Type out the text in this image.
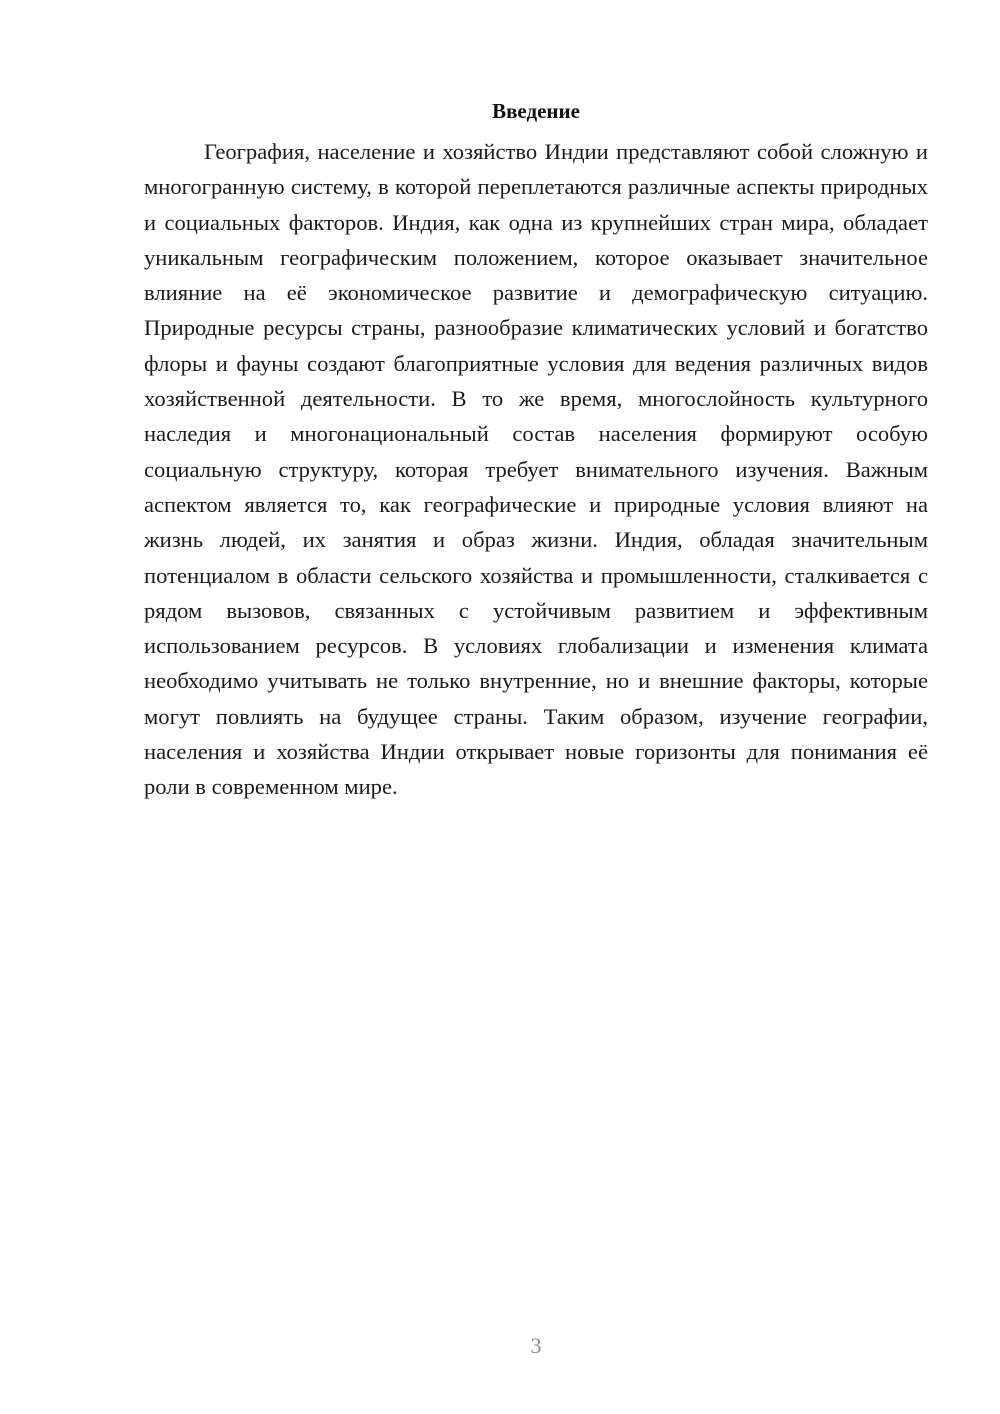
Введение

География, население и хозяйство Индии представляют собой сложную и многогранную систему, в которой переплетаются различные аспекты природных и социальных факторов. Индия, как одна из крупнейших стран мира, обладает уникальным географическим положением, которое оказывает значительное влияние на её экономическое развитие и демографическую ситуацию. Природные ресурсы страны, разнообразие климатических условий и богатство флоры и фауны создают благоприятные условия для ведения различных видов хозяйственной деятельности. В то же время, многослойность культурного наследия и многонациональный состав населения формируют особую социальную структуру, которая требует внимательного изучения. Важным аспектом является то, как географические и природные условия влияют на жизнь людей, их занятия и образ жизни. Индия, обладая значительным потенциалом в области сельского хозяйства и промышленности, сталкивается с рядом вызовов, связанных с устойчивым развитием и эффективным использованием ресурсов. В условиях глобализации и изменения климата необходимо учитывать не только внутренние, но и внешние факторы, которые могут повлиять на будущее страны. Таким образом, изучение географии, населения и хозяйства Индии открывает новые горизонты для понимания её роли в современном мире.

3
